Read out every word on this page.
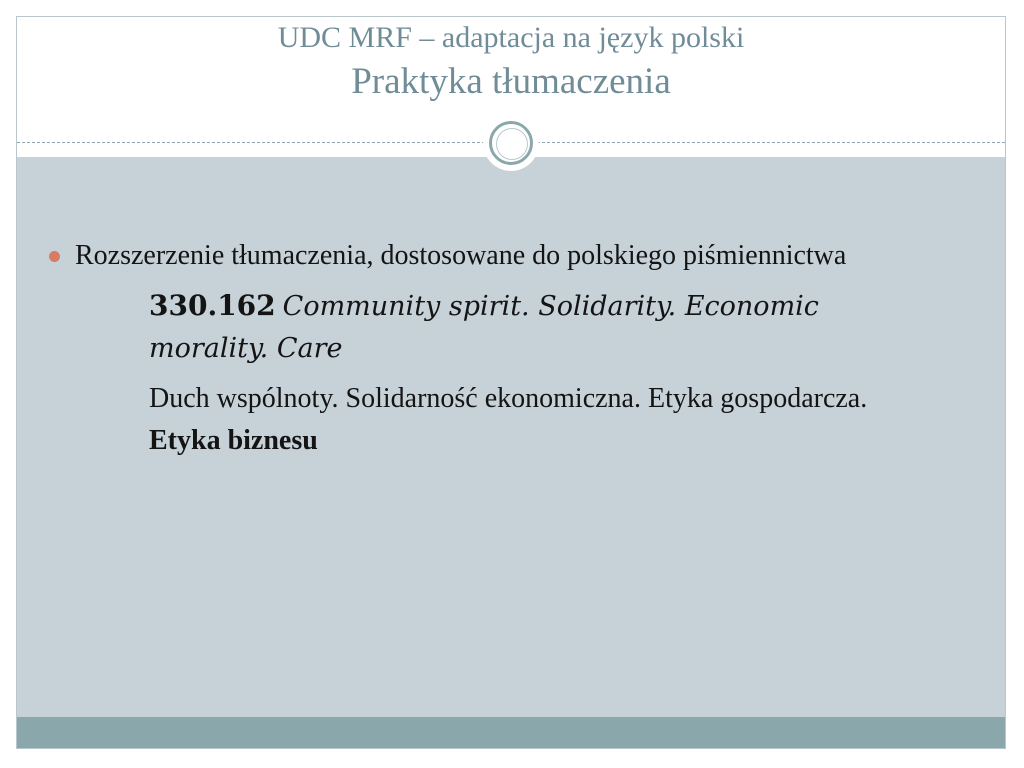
UDC MRF – adaptacja na język polski
Praktyka tłumaczenia
Rozszerzenie tłumaczenia, dostosowane do polskiego piśmiennictwa
330.162 Community spirit. Solidarity. Economic morality. Care
Duch wspólnoty. Solidarność ekonomiczna. Etyka gospodarcza. Etyka biznesu
